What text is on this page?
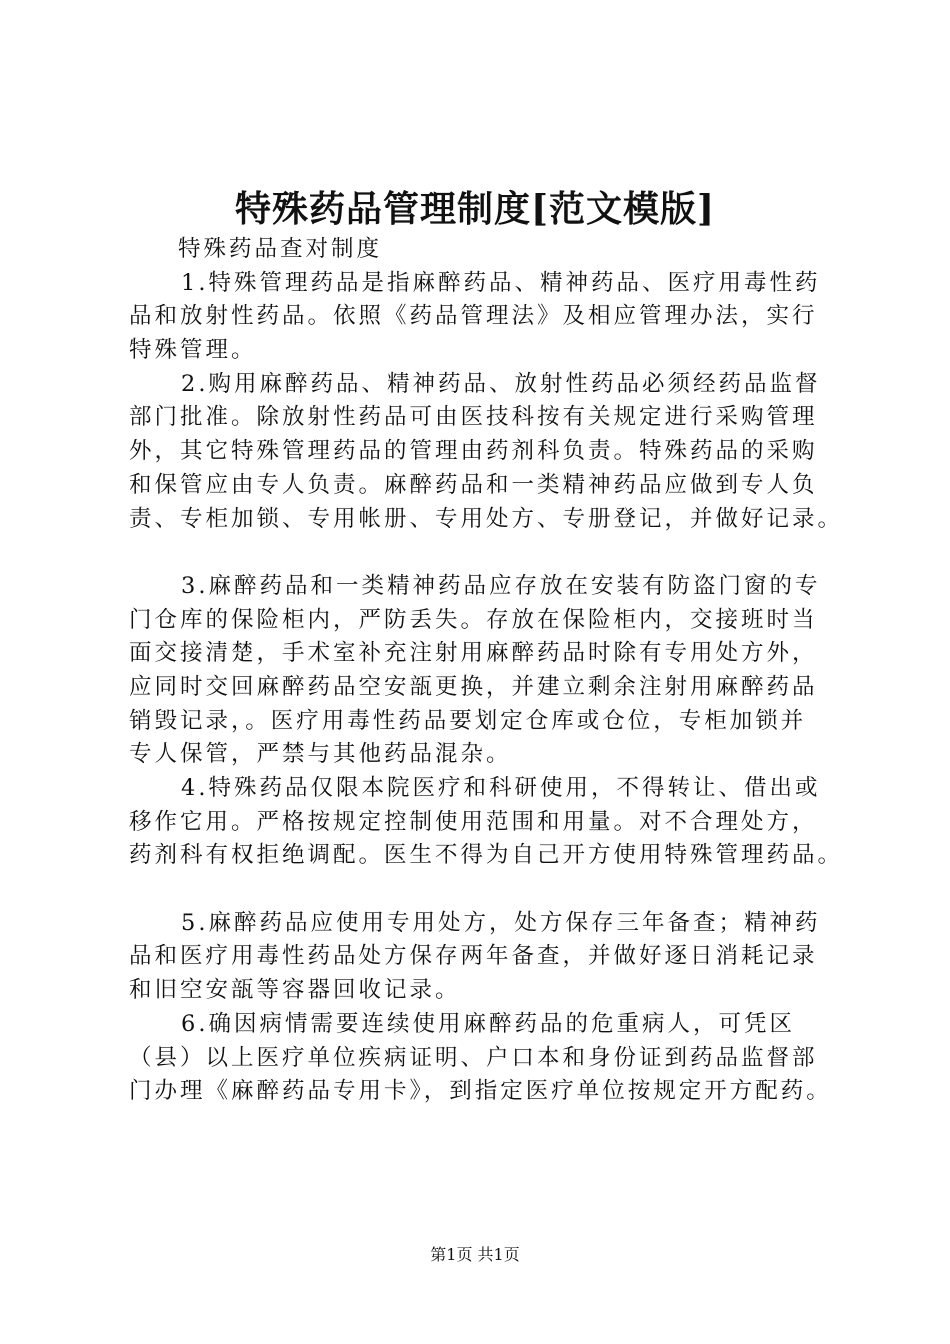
特殊药品管理制度[范文模版]
特殊药品查对制度
1.特殊管理药品是指麻醉药品、精神药品、医疗用毒性药
品和放射性药品。依照《药品管理法》及相应管理办法，实行
特殊管理。
2.购用麻醉药品、精神药品、放射性药品必须经药品监督
部门批准。除放射性药品可由医技科按有关规定进行采购管理
外，其它特殊管理药品的管理由药剂科负责。特殊药品的采购
和保管应由专人负责。麻醉药品和一类精神药品应做到专人负
责、专柜加锁、专用帐册、专用处方、专册登记，并做好记录。
3.麻醉药品和一类精神药品应存放在安装有防盗门窗的专
门仓库的保险柜内，严防丢失。存放在保险柜内，交接班时当
面交接清楚，手术室补充注射用麻醉药品时除有专用处方外，
应同时交回麻醉药品空安瓿更换，并建立剩余注射用麻醉药品
销毁记录，。医疗用毒性药品要划定仓库或仓位，专柜加锁并
专人保管，严禁与其他药品混杂。
4.特殊药品仅限本院医疗和科研使用，不得转让、借出或
移作它用。严格按规定控制使用范围和用量。对不合理处方，
药剂科有权拒绝调配。医生不得为自己开方使用特殊管理药品。
5.麻醉药品应使用专用处方，处方保存三年备查；精神药
品和医疗用毒性药品处方保存两年备查，并做好逐日消耗记录
和旧空安瓿等容器回收记录。
6.确因病情需要连续使用麻醉药品的危重病人，可凭区
（县）以上医疗单位疾病证明、户口本和身份证到药品监督部
门办理《麻醉药品专用卡》，到指定医疗单位按规定开方配药。
第1页 共1页
